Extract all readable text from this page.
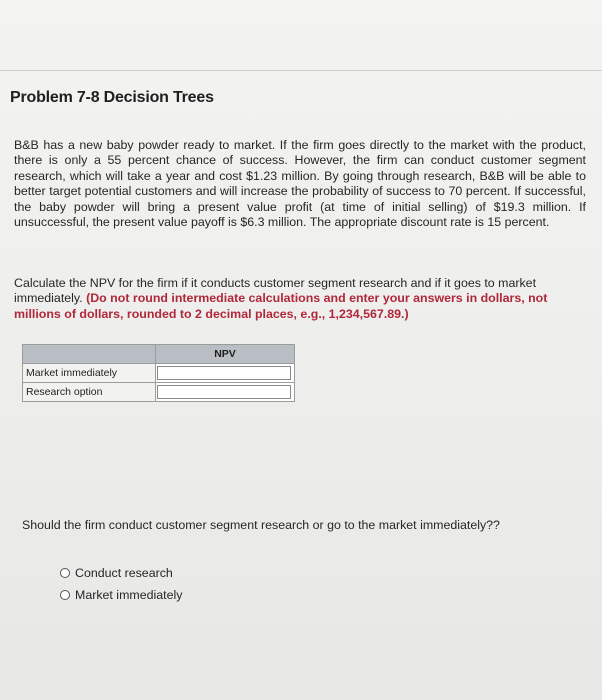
Problem 7-8 Decision Trees
B&B has a new baby powder ready to market. If the firm goes directly to the market with the product, there is only a 55 percent chance of success. However, the firm can conduct customer segment research, which will take a year and cost $1.23 million. By going through research, B&B will be able to better target potential customers and will increase the probability of success to 70 percent. If successful, the baby powder will bring a present value profit (at time of initial selling) of $19.3 million. If unsuccessful, the present value payoff is $6.3 million. The appropriate discount rate is 15 percent.
Calculate the NPV for the firm if it conducts customer segment research and if it goes to market immediately. (Do not round intermediate calculations and enter your answers in dollars, not millions of dollars, rounded to 2 decimal places, e.g., 1,234,567.89.)
	NPV
Market immediately	
Research option	
Should the firm conduct customer segment research or go to the market immediately??
Conduct research
Market immediately
